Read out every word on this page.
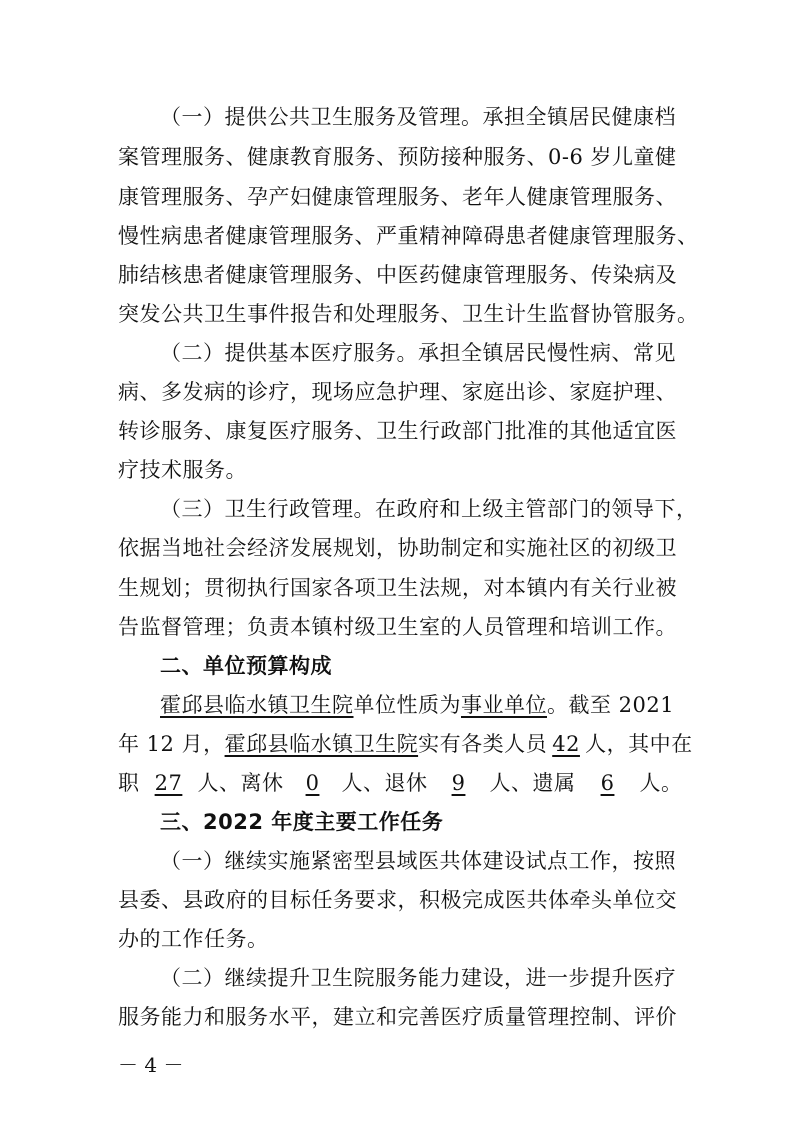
（一）提供公共卫生服务及管理。承担全镇居民健康档
案管理服务、健康教育服务、预防接种服务、0-6 岁儿童健
康管理服务、孕产妇健康管理服务、老年人健康管理服务、
慢性病患者健康管理服务、严重精神障碍患者健康管理服务、
肺结核患者健康管理服务、中医药健康管理服务、传染病及
突发公共卫生事件报告和处理服务、卫生计生监督协管服务。
（二）提供基本医疗服务。承担全镇居民慢性病、常见
病、多发病的诊疗，现场应急护理、家庭出诊、家庭护理、
转诊服务、康复医疗服务、卫生行政部门批准的其他适宜医
疗技术服务。
（三）卫生行政管理。在政府和上级主管部门的领导下，
依据当地社会经济发展规划，协助制定和实施社区的初级卫
生规划；贯彻执行国家各项卫生法规，对本镇内有关行业被
告监督管理；负责本镇村级卫生室的人员管理和培训工作。
二、单位预算构成
霍邱县临水镇卫生院单位性质为事业单位。截至 2021
年 12 月，霍邱县临水镇卫生院实有各类人员 42 人，其中在
职 27 人、离休 0 人、退休 9 人、遗属 6 人。
三、2022 年度主要工作任务
（一）继续实施紧密型县域医共体建设试点工作，按照
县委、县政府的目标任务要求，积极完成医共体牵头单位交
办的工作任务。
（二）继续提升卫生院服务能力建设，进一步提升医疗
服务能力和服务水平，建立和完善医疗质量管理控制、评价
－ 4 －
